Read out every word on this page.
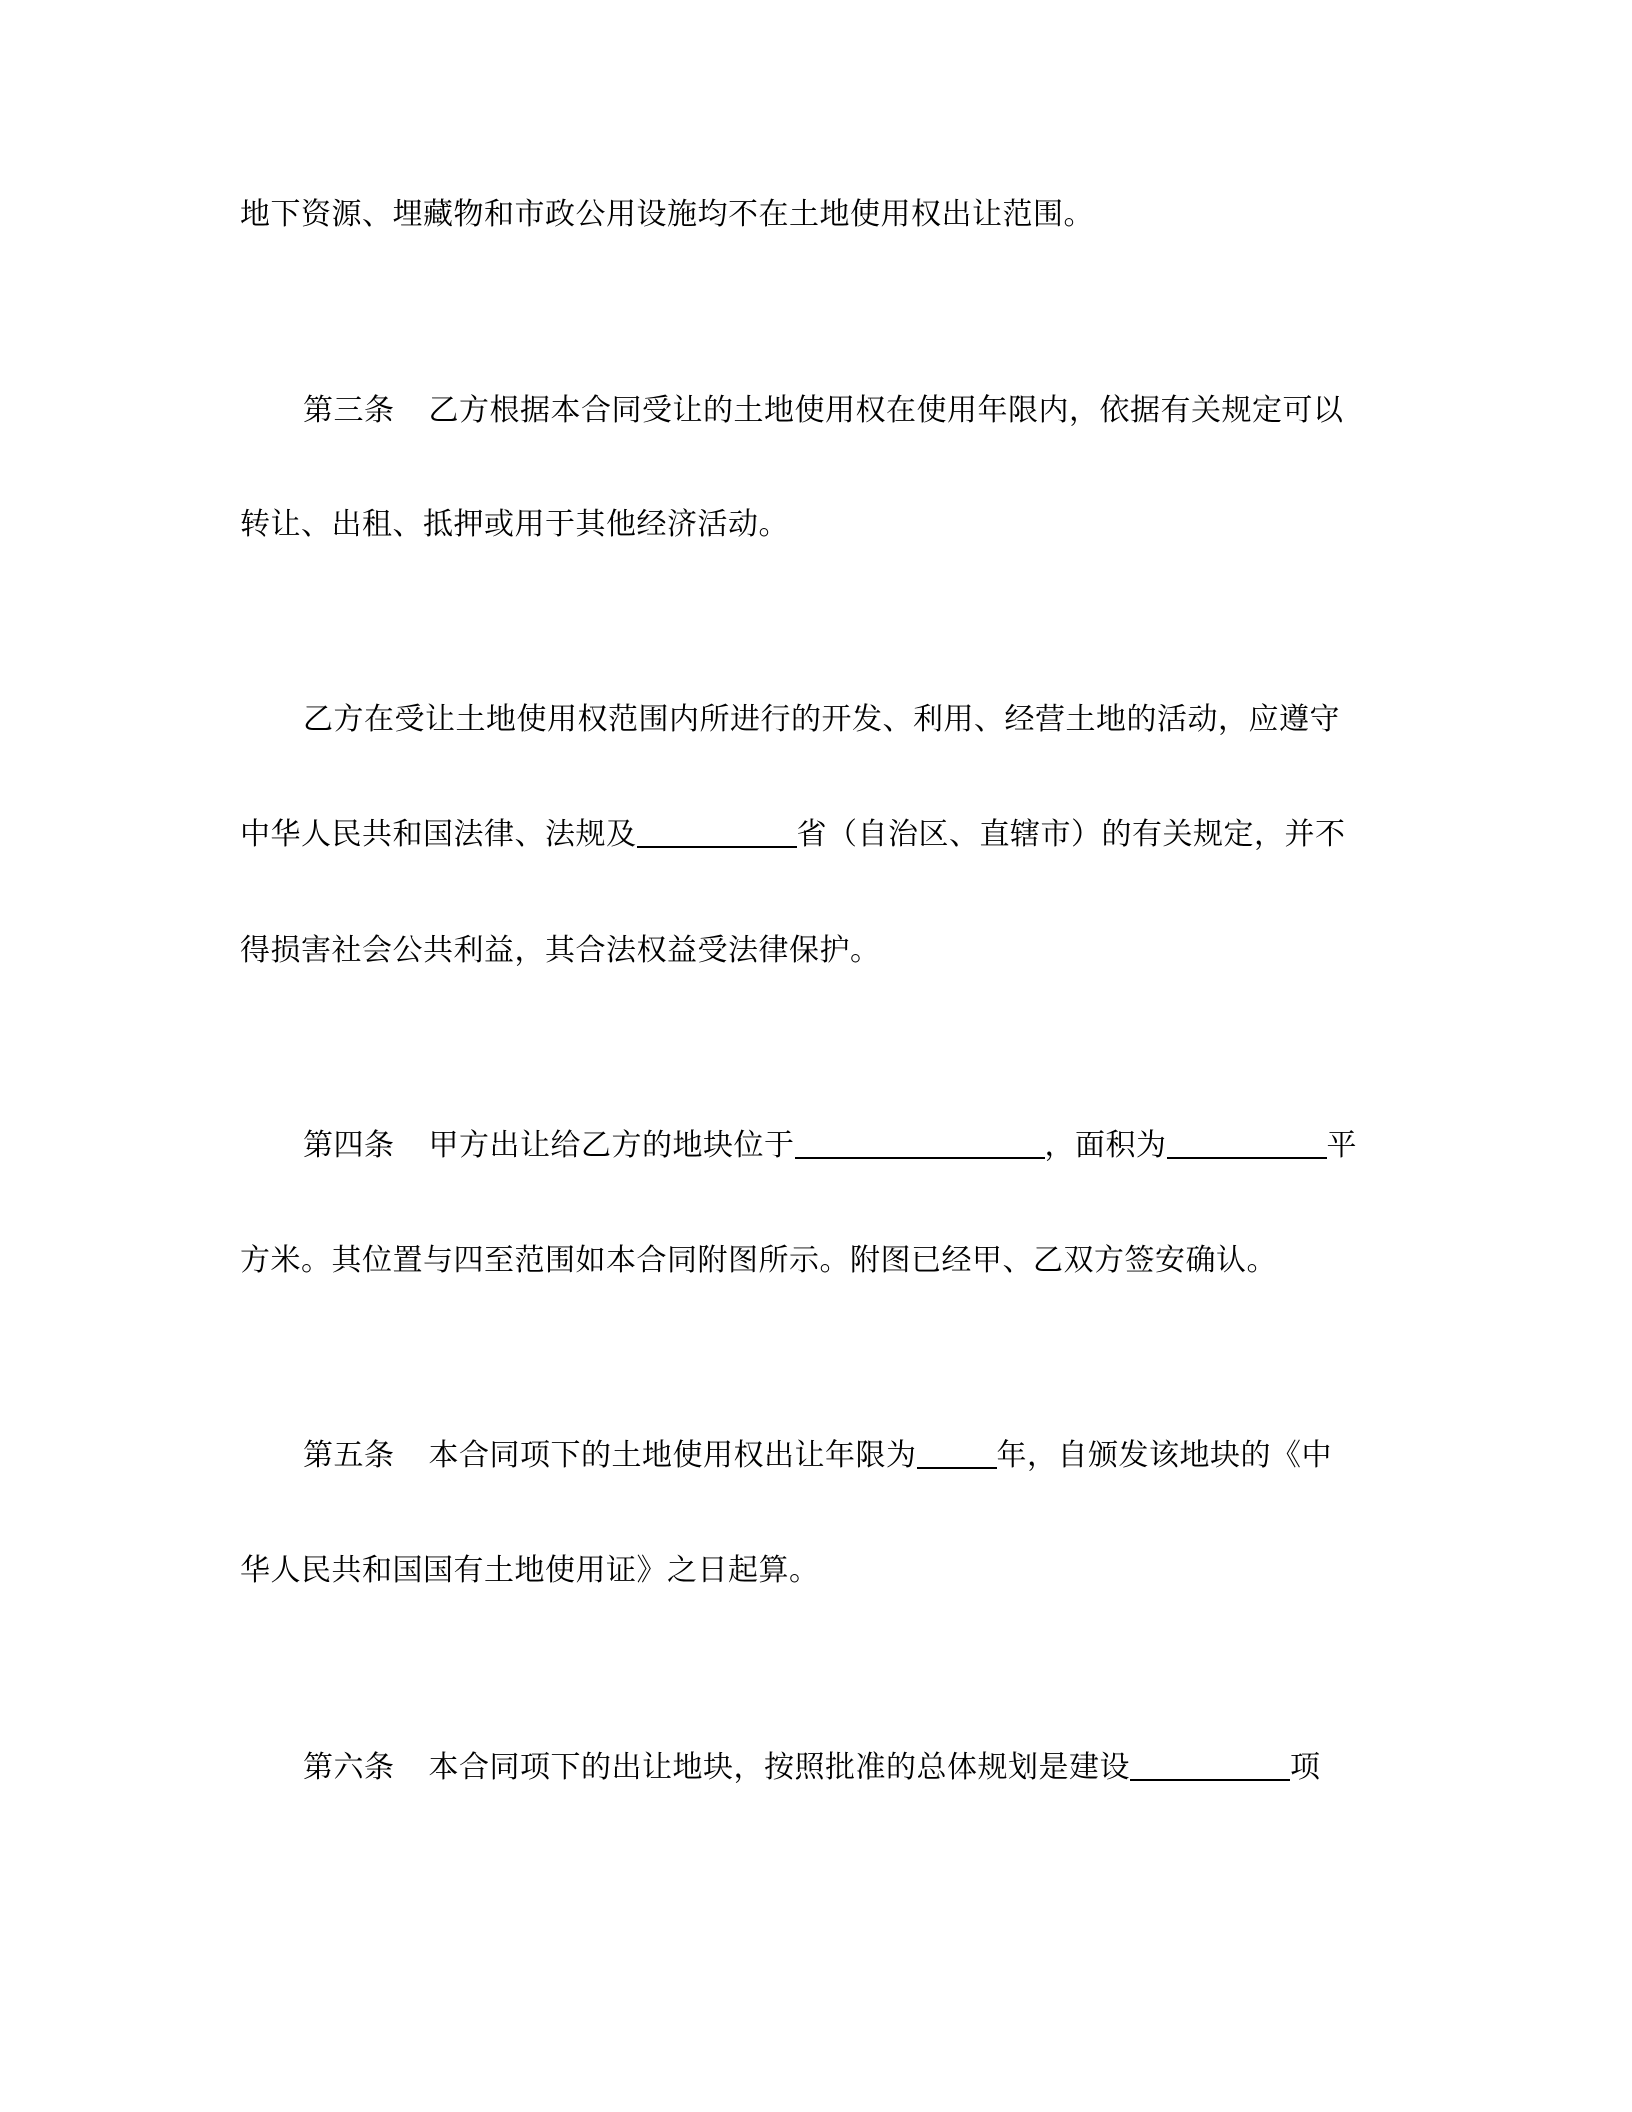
地下资源、埋藏物和市政公用设施均不在土地使用权出让范围。
第三条 乙方根据本合同受让的土地使用权在使用年限内，依据有关规定可以
转让、出租、抵押或用于其他经济活动。
乙方在受让土地使用权范围内所进行的开发、利用、经营土地的活动，应遵守
中华人民共和国法律、法规及	省（自治区、直辖市）的有关规定，并不
得损害社会公共利益，其合法权益受法律保护。
第四条 甲方出让给乙方的地块位于	，面积为	平
方米。其位置与四至范围如本合同附图所示。附图已经甲、乙双方签安确认。
第五条 本合同项下的土地使用权出让年限为	年，自颁发该地块的《中
华人民共和国国有土地使用证》之日起算。
第六条 本合同项下的出让地块，按照批准的总体规划是建设	项
